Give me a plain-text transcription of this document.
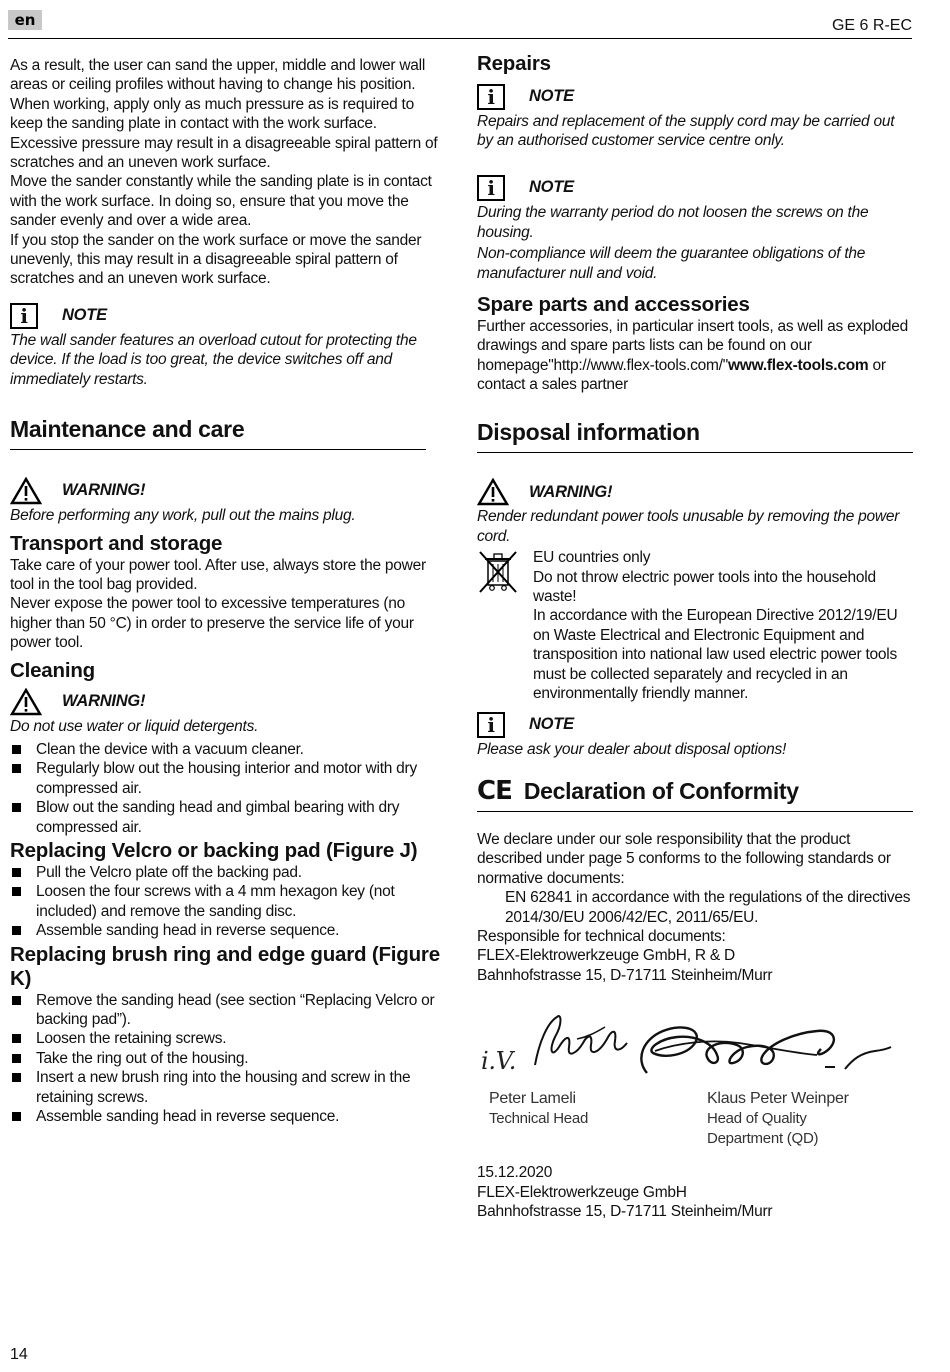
en	GE 6 R-EC

As a result, the user can sand the upper, middle and lower wall areas or ceiling profiles without having to change his position.

When working, apply only as much pressure as is required to keep the sanding plate in contact with the work surface. Excessive pressure may result in a disagreeable spiral pattern of scratches and an uneven work surface.

Move the sander constantly while the sanding plate is in contact with the work surface. In doing so, ensure that you move the sander evenly and over a wide area.

If you stop the sander on the work surface or move the sander unevenly, this may result in a disagreeable spiral pattern of scratches and an uneven work surface.

i	NOTE

The wall sander features an overload cutout for protecting the device. If the load is too great, the device switches off and immediately restarts.

Maintenance and care
WARNING!

Before performing any work, pull out the mains plug.

Transport and storage

Take care of your power tool. After use, always store the power tool in the tool bag provided.

Never expose the power tool to excessive temperatures (no higher than 50 °C) in order to preserve the service life of your power tool.

Cleaning
WARNING!

Do not use water or liquid detergents.

Clean the device with a vacuum cleaner.
Regularly blow out the housing interior and motor with dry compressed air.
Blow out the sanding head and gimbal bearing with dry compressed air.
Replacing Velcro or backing pad (Figure J)
Pull the Velcro plate off the backing pad.
Loosen the four screws with a 4 mm hexagon key (not included) and remove the sanding disc.
Assemble sanding head in reverse sequence.
Replacing brush ring and edge guard (Figure K)
Remove the sanding head (see section “Replacing Velcro or backing pad”).
Loosen the retaining screws.
Take the ring out of the housing.
Insert a new brush ring into the housing and screw in the retaining screws.
Assemble sanding head in reverse sequence.
Repairs
i	NOTE

Repairs and replacement of the supply cord may be carried out by an authorised customer service centre only.

i	NOTE

During the warranty period do not loosen the screws on the housing.

Non-compliance will deem the guarantee obligations of the manufacturer null and void.

Spare parts and accessories

Further accessories, in particular insert tools, as well as exploded drawings and spare parts lists can be found on our homepage"http://www.flex-tools.com/"www.flex-tools.com or contact a sales partner

Disposal information
WARNING!

Render redundant power tools unusable by removing the power cord.

EU countries only

Do not throw electric power tools into the household waste!

In accordance with the European Directive 2012/19/EU on Waste Electrical and Electronic Equipment and transposition into national law used electric power tools must be collected separately and recycled in an environmentally friendly manner.

i	NOTE

Please ask your dealer about disposal options!

CE Declaration of Conformity

We declare under our sole responsibility that the product described under page 5 conforms to the following standards or normative documents:

EN 62841 in accordance with the regulations of the directives 2014/30/EU 2006/42/EC, 2011/65/EU.

Responsible for technical documents:

FLEX-Elektrowerkzeuge GmbH, R & D

Bahnhofstrasse 15, D-71711 Steinheim/Murr

i.V.
Peter Lameli
Technical Head
Klaus Peter Weinper
Head of Quality
Department (QD)

15.12.2020

FLEX-Elektrowerkzeuge GmbH

Bahnhofstrasse 15, D-71711 Steinheim/Murr

14
